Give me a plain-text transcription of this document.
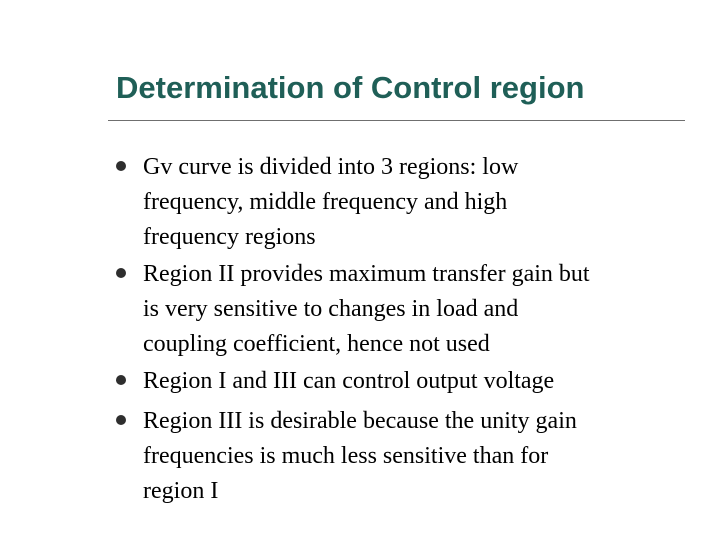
Determination of Control region
Gv curve is divided into 3 regions: low
frequency, middle frequency and high
frequency regions
Region II provides maximum transfer gain but
is very sensitive to changes in load and
coupling coefficient, hence not used
Region I and III can control output voltage
Region III is desirable because the unity gain
frequencies is much less sensitive than for
region I
